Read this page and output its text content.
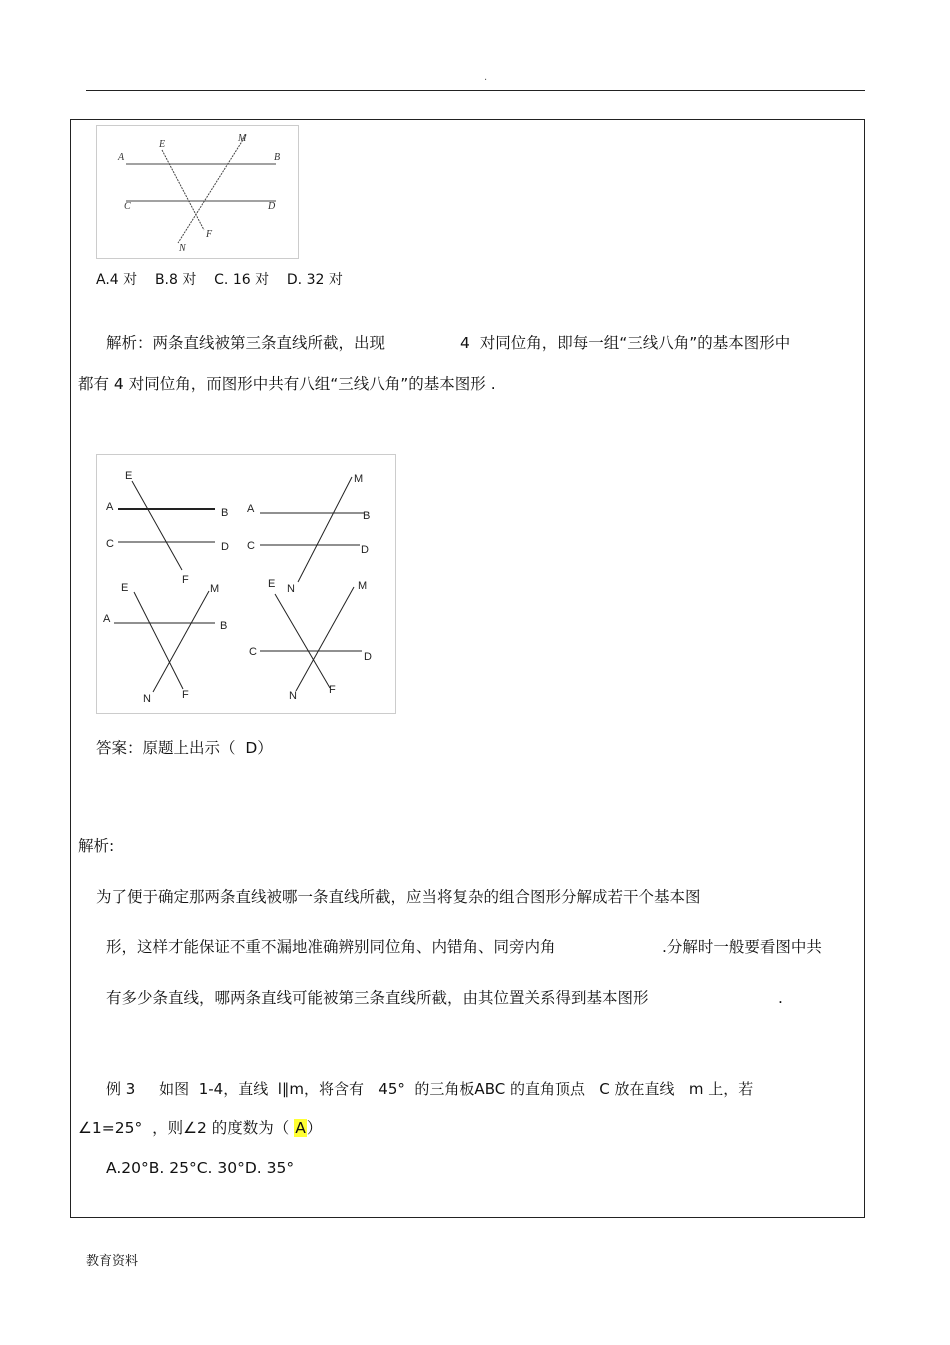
.
E
M
A	B
C	D
N
F
A.4 对    B.8 对    C. 16 对    D. 32 对
解析：两条直线被第三条直线所截，出现	4  对同位角，即每一组“三线八角”的基本图形中
都有 4 对同位角，而图形中共有八组“三线八角”的基本图形 .
E
A	B
C	D
F
M
A
B
C	D
N
E	M
A
B
N	F
E	M
C	D
N	F
答案：原题上出示（  D）
解析:
为了便于确定那两条直线被哪一条直线所截，应当将复杂的组合图形分解成若干个基本图
形，这样才能保证不重不漏地准确辨别同位角、内错角、同旁内角	.分解时一般要看图中共
有多少条直线，哪两条直线可能被第三条直线所截，由其位置关系得到基本图形	.
例 3     如图  1-4，直线  l∥m，将含有   45°  的三角板ABC 的直角顶点   C 放在直线   m 上，若
∠1=25°  ，则∠2 的度数为（ A）
A.20°B. 25°C. 30°D. 35°
教育资料
